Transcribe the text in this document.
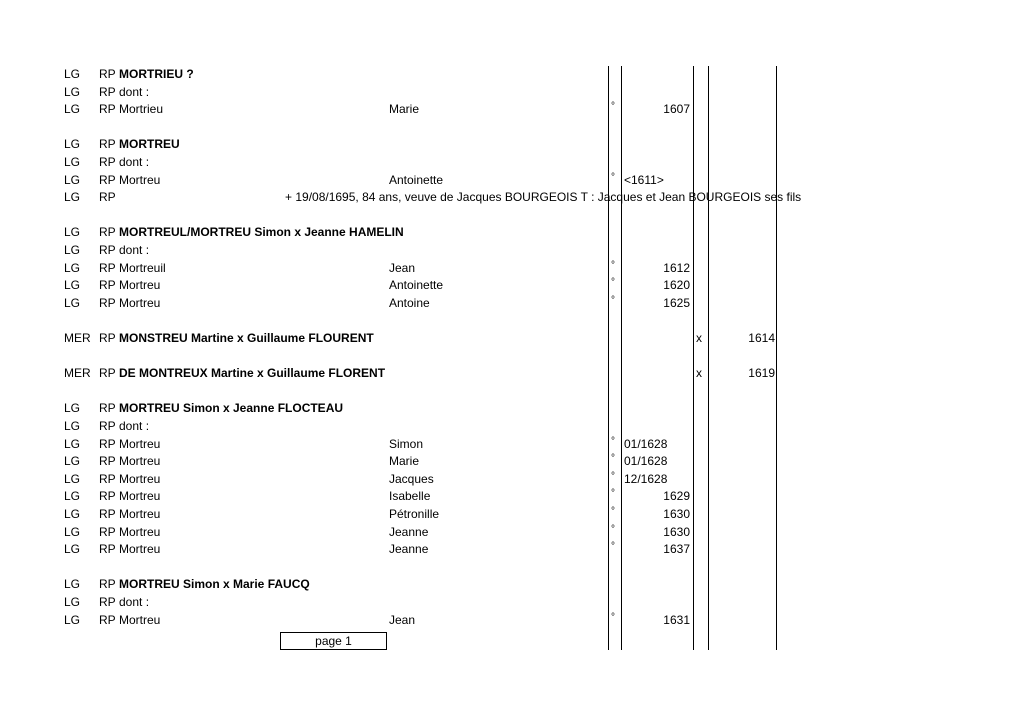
LG RP MORTRIEU ?
LG RP dont :
LG RP Mortrieu	Marie	°	1607
LG RP MORTREU
LG RP dont :
LG RP Mortreu	Antoinette	° <1611>
LG RP	+ 19/08/1695, 84 ans, veuve de Jacques BOURGEOIS T : Jacques et Jean BOURGEOIS ses fils
LG RP MORTREUL/MORTREU Simon x Jeanne HAMELIN
LG RP dont :
LG RP Mortreuil	Jean	°	1612
LG RP Mortreu	Antoinette	°	1620
LG RP Mortreu	Antoine	°	1625
MER RP MONSTREU Martine x Guillaume FLOURENT	x	1614
MER RP DE MONTREUX Martine x Guillaume FLORENT	x	1619
LG RP MORTREU Simon x Jeanne FLOCTEAU
LG RP dont :
LG RP Mortreu	Simon	° 01/1628
LG RP Mortreu	Marie	° 01/1628
LG RP Mortreu	Jacques	° 12/1628
LG RP Mortreu	Isabelle	°	1629
LG RP Mortreu	Pétronille	°	1630
LG RP Mortreu	Jeanne	°	1630
LG RP Mortreu	Jeanne	°	1637
LG RP MORTREU Simon x Marie FAUCQ
LG RP dont :
LG RP Mortreu	Jean	°	1631
page 1
